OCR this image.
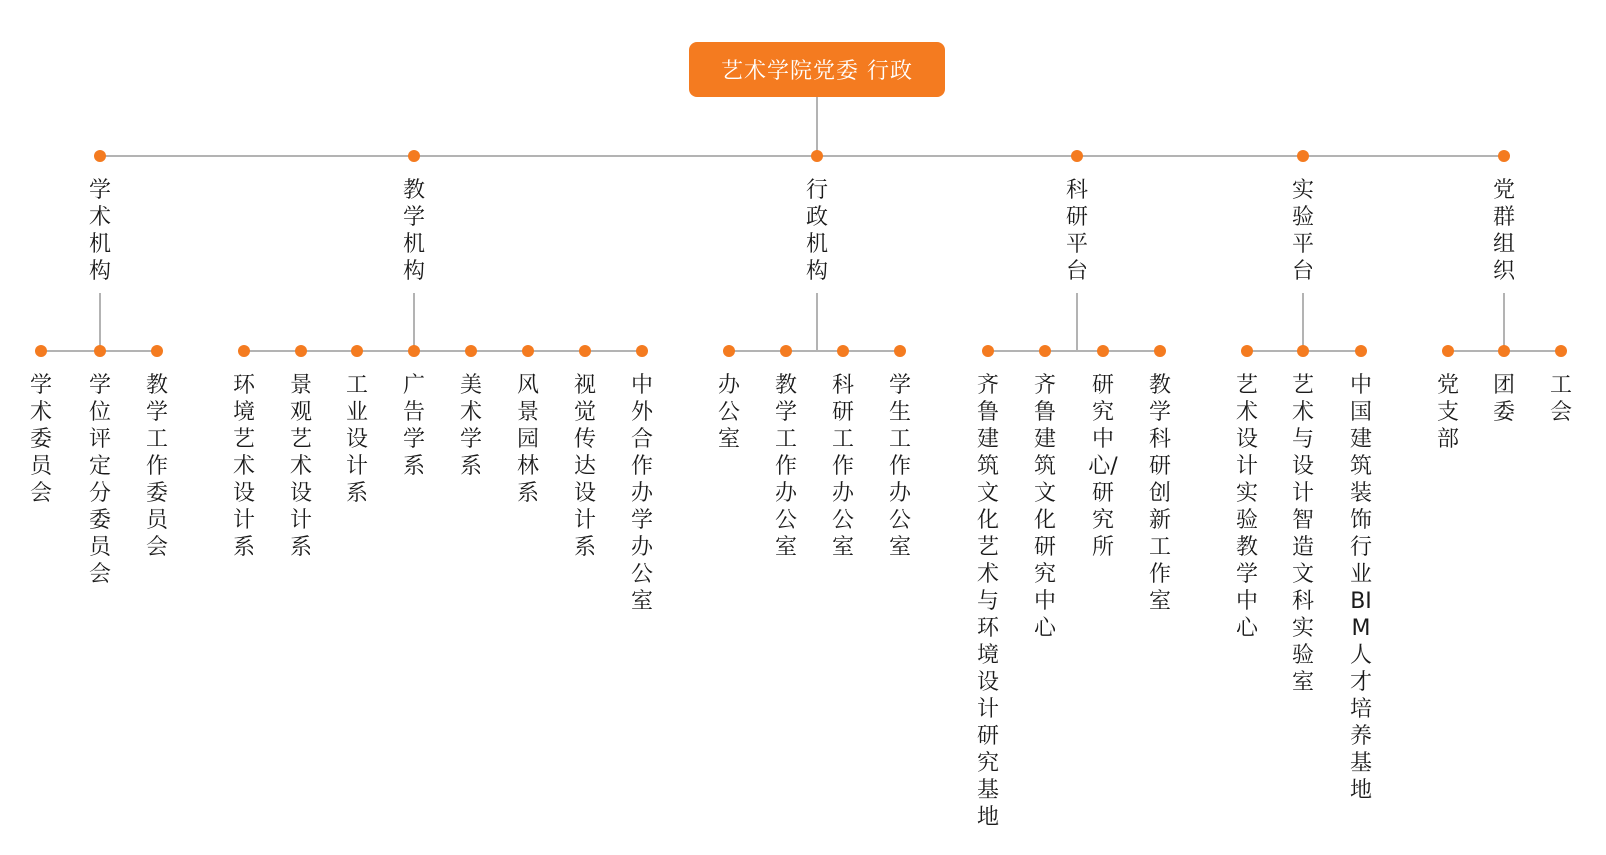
艺术学院党委 行政
学术机构
学术委员会
学位评定分委员会
教学工作委员会
教学机构
环境艺术设计系
景观艺术设计系
工业设计系
广告学系
美术学系
风景园林系
视觉传达设计系
中外合作办学办公室
行政机构
办公室
教学工作办公室
科研工作办公室
学生工作办公室
科研平台
齐鲁建筑文化艺术与环境设计研究基地
齐鲁建筑文化研究中心
研究中心/研究所
教学科研创新工作室
实验平台
艺术设计实验教学中心
艺术与设计智造文科实验室
中国建筑装饰行业BIM人才培养基地
党群组织
党支部
团委
工会
